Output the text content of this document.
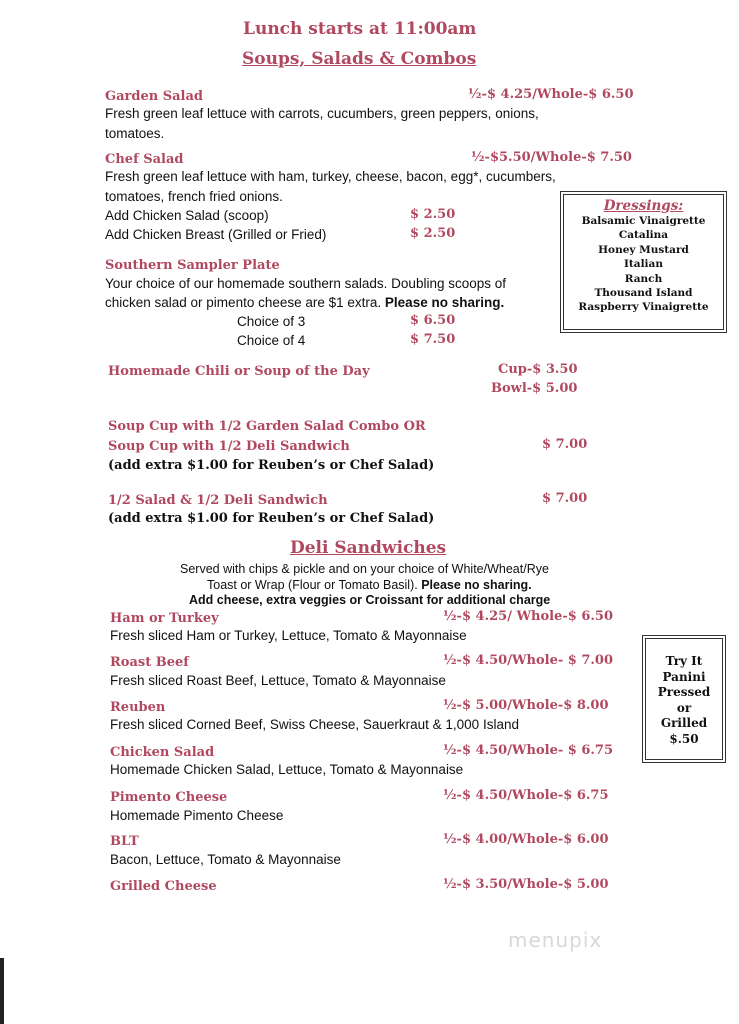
Lunch starts at 11:00am
Soups, Salads & Combos
Garden Salad	½-$ 4.25/Whole-$ 6.50
Fresh green leaf lettuce with carrots, cucumbers, green peppers, onions,
tomatoes.
Chef Salad	½-$5.50/Whole-$ 7.50
Fresh green leaf lettuce with ham, turkey, cheese, bacon, egg*, cucumbers,
tomatoes, french fried onions.
Add Chicken Salad (scoop)	$ 2.50
Add Chicken Breast (Grilled or Fried)	$ 2.50
Dressings:
Balsamic Vinaigrette
Catalina
Honey Mustard
Italian
Ranch
Thousand Island
Raspberry Vinaigrette
Southern Sampler Plate
Your choice of our homemade southern salads. Doubling scoops of
chicken salad or pimento cheese are $1 extra. Please no sharing.
Choice of 3	$ 6.50
Choice of 4	$ 7.50
Homemade Chili or Soup of the Day	Cup-$ 3.50
Bowl-$ 5.00
Soup Cup with 1/2 Garden Salad Combo OR
Soup Cup with 1/2 Deli Sandwich	$ 7.00
(add extra $1.00 for Reuben’s or Chef Salad)
1/2 Salad & 1/2 Deli Sandwich	$ 7.00
(add extra $1.00 for Reuben’s or Chef Salad)
Deli Sandwiches
Served with chips & pickle and on your choice of White/Wheat/Rye
Toast or Wrap (Flour or Tomato Basil). Please no sharing.
Add cheese, extra veggies or Croissant for additional charge
Ham or Turkey	½-$ 4.25/ Whole-$ 6.50
Fresh sliced Ham or Turkey, Lettuce, Tomato & Mayonnaise
Roast Beef	½-$ 4.50/Whole- $ 7.00
Fresh sliced Roast Beef, Lettuce, Tomato & Mayonnaise
Reuben	½-$ 5.00/Whole-$ 8.00
Fresh sliced Corned Beef, Swiss Cheese, Sauerkraut & 1,000 Island
Chicken Salad	½-$ 4.50/Whole- $ 6.75
Homemade Chicken Salad, Lettuce, Tomato & Mayonnaise
Pimento Cheese	½-$ 4.50/Whole-$ 6.75
Homemade Pimento Cheese
BLT	½-$ 4.00/Whole-$ 6.00
Bacon, Lettuce, Tomato & Mayonnaise
Grilled Cheese	½-$ 3.50/Whole-$ 5.00
Try It
Panini
Pressed
or
Grilled
$.50
menupix
